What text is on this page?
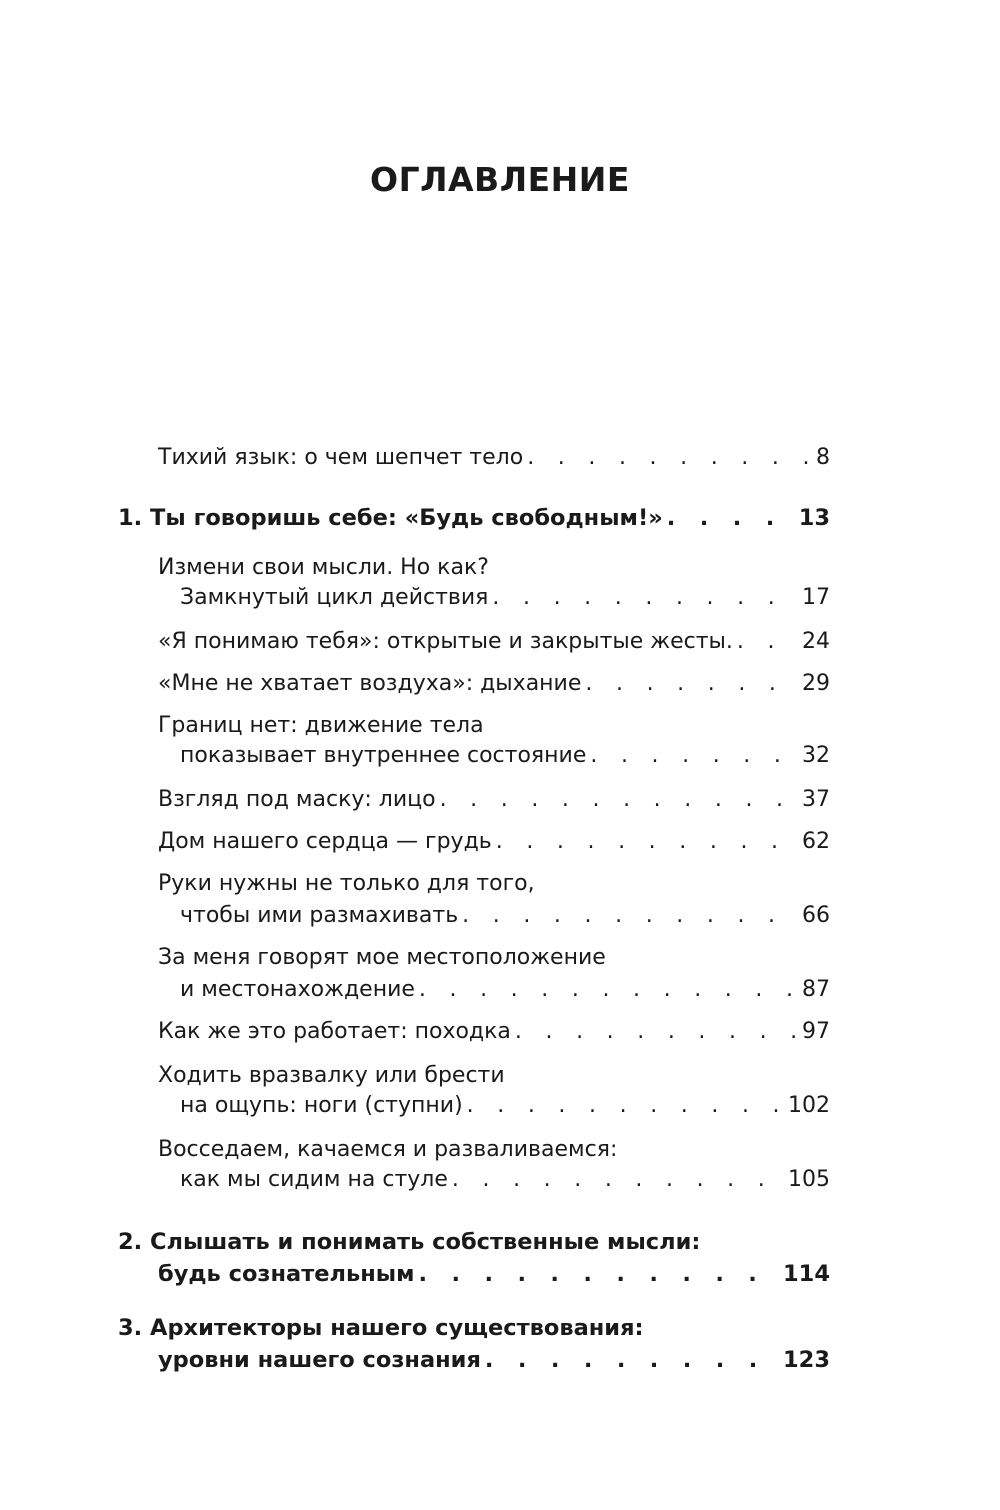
ОГЛАВЛЕНИЕ
Тихий язык: о чем шепчет тело . . .	8
1. Ты говоришь себе: «Будь свободным!» . . .	13
Измени свои мысли. Но как?
Замкнутый цикл действия . . .	17
«Я понимаю тебя»: открытые и закрытые жесты. . . .	24
«Мне не хватает воздуха»: дыхание . . .	29
Границ нет: движение тела
показывает внутреннее состояние . . .	32
Взгляд под маску: лицо . . .	37
Дом нашего сердца — грудь . . .	62
Руки нужны не только для того,
чтобы ими размахивать . . .	66
За меня говорят мое местоположение
и местонахождение . . .	87
Как же это работает: походка . . .	97
Ходить вразвалку или брести
на ощупь: ноги (ступни) . . .	102
Восседаем, качаемся и разваливаемся:
как мы сидим на стуле . . .	105
2. Слышать и понимать собственные мысли:
будь сознательным . . .	114
3. Архитекторы нашего существования:
уровни нашего сознания . . .	123
